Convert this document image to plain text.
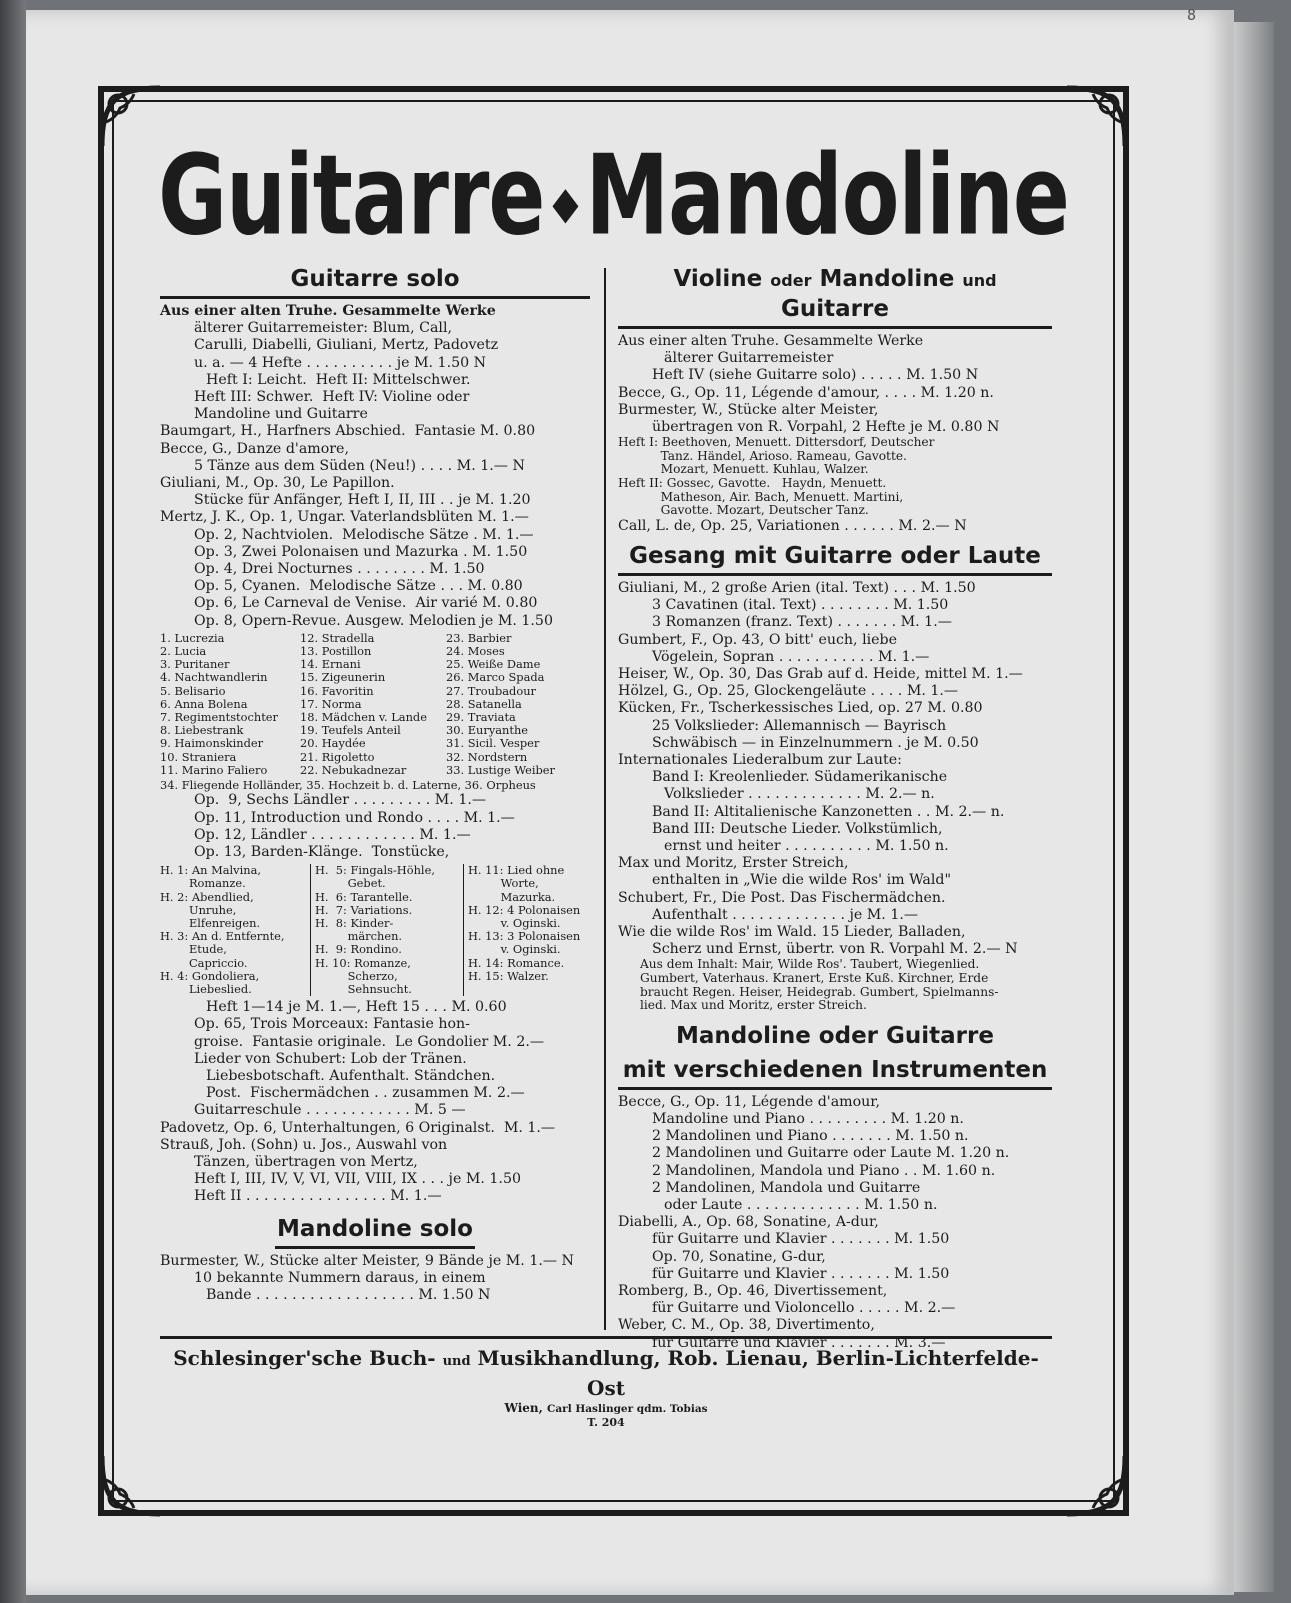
8
Guitarre ◆Mandoline
Guitarre solo
Aus einer alten Truhe. Gesammelte Werke
älterer Guitarremeister: Blum, Call,
Carulli, Diabelli, Giuliani, Mertz, Padovetz
u. a. — 4 Hefte . . . . . . . . . . je M. 1.50 N
Heft I: Leicht.  Heft II: Mittelschwer.
Heft III: Schwer.  Heft IV: Violine oder
Mandoline und Guitarre
Baumgart, H., Harfners Abschied.  Fantasie M. 0.80
Becce, G., Danze d'amore,
5 Tänze aus dem Süden (Neu!) . . . . M. 1.— N
Giuliani, M., Op. 30, Le Papillon.
Stücke für Anfänger, Heft I, II, III . . je M. 1.20
Mertz, J. K., Op. 1, Ungar. Vaterlandsblüten M. 1.—
Op. 2, Nachtviolen.  Melodische Sätze . M. 1.—
Op. 3, Zwei Polonaisen und Mazurka . M. 1.50
Op. 4, Drei Nocturnes . . . . . . . . M. 1.50
Op. 5, Cyanen.  Melodische Sätze . . . M. 0.80
Op. 6, Le Carneval de Venise.  Air varié M. 0.80
Op. 8, Opern-Revue. Ausgew. Melodien je M. 1.50
1. Lucrezia	12. Stradella	23. Barbier
2. Lucia	13. Postillon	24. Moses
3. Puritaner	14. Ernani	25. Weiße Dame
4. Nachtwandlerin	15. Zigeunerin	26. Marco Spada
5. Belisario	16. Favoritin	27. Troubadour
6. Anna Bolena	17. Norma	28. Satanella
7. Regimentstochter	18. Mädchen v. Lande	29. Traviata
8. Liebestrank	19. Teufels Anteil	30. Euryanthe
9. Haimonskinder	20. Haydée	31. Sicil. Vesper
10. Straniera	21. Rigoletto	32. Nordstern
11. Marino Faliero	22. Nebukadnezar	33. Lustige Weiber
34. Fliegende Holländer, 35. Hochzeit b. d. Laterne, 36. Orpheus
Op.  9, Sechs Ländler . . . . . . . . . M. 1.—
Op. 11, Introduction und Rondo . . . . M. 1.—
Op. 12, Ländler . . . . . . . . . . . . M. 1.—
Op. 13, Barden-Klänge.  Tonstücke,
H. 1: An Malvina,
Romanze.
H. 2: Abendlied,
Unruhe,
Elfenreigen.
H. 3: An d. Entfernte,
Etude,
Capriccio.
H. 4: Gondoliera,
Liebeslied.
H.  5: Fingals-Höhle,
Gebet.
H.  6: Tarantelle.
H.  7: Variations.
H.  8: Kinder-
märchen.
H.  9: Rondino.
H. 10: Romanze,
Scherzo,
Sehnsucht.
H. 11: Lied ohne
Worte,
Mazurka.
H. 12: 4 Polonaisen
v. Oginski.
H. 13: 3 Polonaisen
v. Oginski.
H. 14: Romance.
H. 15: Walzer.
Heft 1—14 je M. 1.—, Heft 15 . . . M. 0.60
Op. 65, Trois Morceaux: Fantasie hon-
groise.  Fantasie originale.  Le Gondolier M. 2.—
Lieder von Schubert: Lob der Tränen.
Liebesbotschaft. Aufenthalt. Ständchen.
Post.  Fischermädchen . . zusammen M. 2.—
Guitarreschule . . . . . . . . . . . . M. 5 —
Padovetz, Op. 6, Unterhaltungen, 6 Originalst.  M. 1.—
Strauß, Joh. (Sohn) u. Jos., Auswahl von
Tänzen, übertragen von Mertz,
Heft I, III, IV, V, VI, VII, VIII, IX . . . je M. 1.50
Heft II . . . . . . . . . . . . . . . . M. 1.—
Mandoline solo
Burmester, W., Stücke alter Meister, 9 Bände je M. 1.— N
10 bekannte Nummern daraus, in einem
Bande . . . . . . . . . . . . . . . . . . M. 1.50 N
Violine oder Mandoline und Guitarre
Aus einer alten Truhe. Gesammelte Werke
älterer Guitarremeister
Heft IV (siehe Guitarre solo) . . . . . M. 1.50 N
Becce, G., Op. 11, Légende d'amour, . . . . M. 1.20 n.
Burmester, W., Stücke alter Meister,
übertragen von R. Vorpahl, 2 Hefte je M. 0.80 N
Heft I: Beethoven, Menuett. Dittersdorf, Deutscher
Tanz. Händel, Arioso. Rameau, Gavotte.
Mozart, Menuett. Kuhlau, Walzer.
Heft II: Gossec, Gavotte.   Haydn, Menuett.
Matheson, Air. Bach, Menuett. Martini,
Gavotte. Mozart, Deutscher Tanz.
Call, L. de, Op. 25, Variationen . . . . . . M. 2.— N
Gesang mit Guitarre oder Laute
Giuliani, M., 2 große Arien (ital. Text) . . . M. 1.50
3 Cavatinen (ital. Text) . . . . . . . . M. 1.50
3 Romanzen (franz. Text) . . . . . . . M. 1.—
Gumbert, F., Op. 43, O bitt' euch, liebe
Vögelein, Sopran . . . . . . . . . . . M. 1.—
Heiser, W., Op. 30, Das Grab auf d. Heide, mittel M. 1.—
Hölzel, G., Op. 25, Glockengeläute . . . . M. 1.—
Kücken, Fr., Tscherkessisches Lied, op. 27 M. 0.80
25 Volkslieder: Allemannisch — Bayrisch
Schwäbisch — in Einzelnummern . je M. 0.50
Internationales Liederalbum zur Laute:
Band I: Kreolenlieder. Südamerikanische
Volkslieder . . . . . . . . . . . . . M. 2.— n.
Band II: Altitalienische Kanzonetten . . M. 2.— n.
Band III: Deutsche Lieder. Volkstümlich,
ernst und heiter . . . . . . . . . . M. 1.50 n.
Max und Moritz, Erster Streich,
enthalten in „Wie die wilde Ros' im Wald"
Schubert, Fr., Die Post. Das Fischermädchen.
Aufenthalt . . . . . . . . . . . . . je M. 1.—
Wie die wilde Ros' im Wald. 15 Lieder, Balladen,
Scherz und Ernst, übertr. von R. Vorpahl M. 2.— N
Aus dem Inhalt: Mair, Wilde Ros'. Taubert, Wiegenlied.
Gumbert, Vaterhaus. Kranert, Erste Kuß. Kirchner, Erde
braucht Regen. Heiser, Heidegrab. Gumbert, Spielmanns-
lied. Max und Moritz, erster Streich.
Mandoline oder Guitarre
mit verschiedenen Instrumenten
Becce, G., Op. 11, Légende d'amour,
Mandoline und Piano . . . . . . . . . M. 1.20 n.
2 Mandolinen und Piano . . . . . . . M. 1.50 n.
2 Mandolinen und Guitarre oder Laute M. 1.20 n.
2 Mandolinen, Mandola und Piano . . M. 1.60 n.
2 Mandolinen, Mandola und Guitarre
oder Laute . . . . . . . . . . . . . M. 1.50 n.
Diabelli, A., Op. 68, Sonatine, A-dur,
für Guitarre und Klavier . . . . . . . M. 1.50
Op. 70, Sonatine, G-dur,
für Guitarre und Klavier . . . . . . . M. 1.50
Romberg, B., Op. 46, Divertissement,
für Guitarre und Violoncello . . . . . M. 2.—
Weber, C. M., Op. 38, Divertimento,
für Guitarre und Klavier . . . . . . . M. 3.—
Schlesinger'sche Buch- und Musikhandlung, Rob. Lienau, Berlin-Lichterfelde-Ost
Wien, Carl Haslinger qdm. Tobias
T. 204
